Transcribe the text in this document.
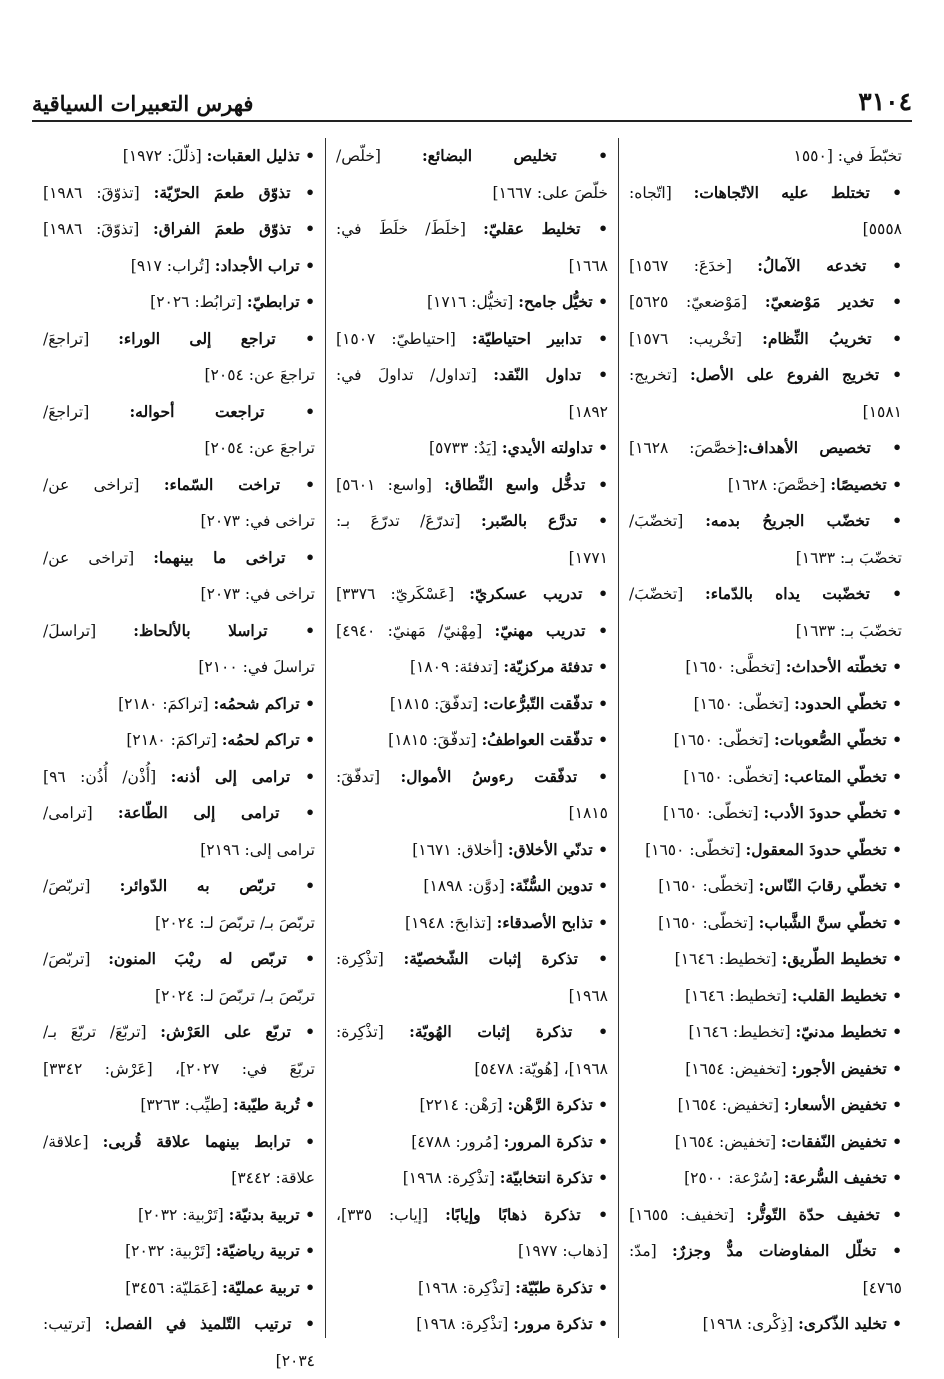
فهرس التعبيرات السياقية	٣١٠٤
تخبّطَ في: [١٥٥٠
• تختلط عليه الاتّجاهات: [اتّجاه:
٥٥٥٨]
• تخدعه الآمالُ: [خدَعَ: ١٥٦٧]
• تخدير مَوْضعيّ: [مَوْضعيّ: ٥٦٢٥]
• تخريبُ النِّظام: [تخْريب: ١٥٧٦]
• تخريج الفروع على الأصل: [تخريج:
١٥٨١]
• تخصيص الأهداف:[خصَّصَ: ١٦٢٨]
• تخصيصًا: [خصَّصَ: ١٦٢٨]
• تخضّب الجريحُ بدمه: [تخضّبَ/
تخضّبَ بـ: ١٦٣٣]
• تخضّبت يداه بالدّماء: [تخضّبَ/
تخضّبَ بـ: ١٦٣٣]
• تخطّته الأحداث: [تخطَّى: ١٦٥٠]
• تخطّي الحدود: [تخطّى: ١٦٥٠]
• تخطّي الصُّعوبات: [تخطّى: ١٦٥٠]
• تخطّي المتاعب: [تخطّى: ١٦٥٠]
• تخطّي حدودَ الأدب: [تخطّى: ١٦٥٠]
• تخطّي حدودَ المعقول: [تخطّى: ١٦٥٠]
• تخطّي رقابَ النّاس: [تخطّى: ١٦٥٠]
• تخطّي سنَّ الشَّباب: [تخطّى: ١٦٥٠]
• تخطيط الطّريق: [تخطيط: ١٦٤٦]
• تخطيط القلب: [تخطيط: ١٦٤٦]
• تخطيط مدنيّ: [تخطيط: ١٦٤٦]
• تخفيض الأجور: [تخفيض: ١٦٥٤]
• تخفيض الأسعار: [تخفيض: ١٦٥٤]
• تخفيض النّفقات: [تخفيض: ١٦٥٤]
• تخفيف السُّرعة: [سُرْعة: ٢٥٠٠]
• تخفيف حدّة التّوتُّر: [تخفيف: ١٦٥٥]
• تخلّل المفاوضات مدٌّ وجزرٌ: [مدّ:
٤٧٦٥]
• تخليد الذّكرى: [ذِكْرى: ١٩٦٨]
• تخليص البضائع: [خلّص/
خلّصَ على: ١٦٦٧]
• تخليط عقليّ: [خلَطَ/ خلَطَ في:
١٦٦٨]
• تخيُّل جامح: [تخيُّل: ١٧١٦]
• تدابير احتياطيّة: [احتياطيّ: ١٥٠٧]
• تداول النّقد: [تداول/ تداولَ في:
١٨٩٢]
• تداولته الأيدي: [يَدٌ: ٥٧٣٣]
• تدخُّل واسع النِّطاق: [واسع: ٥٦٠١]
• تدرَّع بالصّبر: [تدرّعَ/ تدرّعَ بـ:
١٧٧١]
• تدريب عسكريّ: [عَسْكَريّ: ٣٣٧٦]
• تدريب مهنيّ: [مِهْنيّ/ مَهنيّ: ٤٩٤٠]
• تدفئة مركزيّة: [تدفئة: ١٨٠٩]
• تدفّقت التّبرُّعات: [تدفّقَ: ١٨١٥]
• تدفّقت العواطفُ: [تدفّقَ: ١٨١٥]
• تدفّقت رءوسُ الأموال: [تدفّقَ:
١٨١٥]
• تدنّي الأخلاق: [أخلاق: ١٦٧١]
• تدوين السُّنّة: [دوَّن: ١٨٩٨]
• تذابح الأصدقاء: [تذابحَ: ١٩٤٨]
• تذكرة إثبات الشّخصيّة: [تذْكِرة:
١٩٦٨]
• تذكرة إثبات الهُويّة: [تذْكِرة:
١٩٦٨]، [هُويّة: ٥٤٧٨]
• تذكرة الرَّهْن: [رَهْن: ٢٢١٤]
• تذكرة المرور: [مُرور: ٤٧٨٨]
• تذكرة انتخابيّة: [تذْكِرة: ١٩٦٨]
• تذكرة ذهابًا وإيابًا: [إياب: ٣٣٥]،
[ذهاب: ١٩٧٧]
• تذكرة طبّيّة: [تذْكِرة: ١٩٦٨]
• تذكرة مرور: [تذْكِرة: ١٩٦٨]
• تذليل العقبات: [ذلّلَ: ١٩٧٢]
• تذوّق طعمَ الحرّيّة: [تذوّقَ: ١٩٨٦]
• تذوّق طعمَ الفراق: [تذوّقَ: ١٩٨٦]
• تراب الأجداد: [تُراب: ٩١٧]
• ترابطيّ: [ترابُط: ٢٠٢٦]
• تراجع إلى الوراء: [تراجعَ/
تراجعَ عن: ٢٠٥٤]
• تراجعت أحواله: [تراجعَ/
تراجعَ عن: ٢٠٥٤]
• تراخت السّماء: [تراخى عن/
تراخى في: ٢٠٧٣]
• تراخى ما بينهما: [تراخى عن/
تراخى في: ٢٠٧٣]
• تراسلا بالألحاظ: [تراسلَ/
تراسلَ في: ٢١٠٠]
• تراكم شحمُه: [تراكمَ: ٢١٨٠]
• تراكم لحمُه: [تراكمَ: ٢١٨٠]
• ترامى إلى أذنه: [أُذْن/ أُذُن: ٩٦]
• ترامى إلى الطّاعة: [ترامى/
ترامى إلى: ٢١٩٦]
• تربّص به الدّوائر: [تربّصَ/
تربّصَ بـ/ تربّصَ لـ: ٢٠٢٤]
• تربّص له ريْبَ المنون: [تربّصَ/
تربّصَ بـ/ تربّصَ لـ: ٢٠٢٤]
• تربّع على العَرْش: [تربّعَ/ تربّعَ بـ/
تربّعَ في: ٢٠٢٧]، [عَرْش: ٣٣٤٢]
• تُربة طيّبة: [طيِّب: ٣٢٦٣]
• ترابط بينهما علاقة قُربى: [علاقة/
علاقة: ٣٤٤٢]
• تربية بدنيّة: [تَرْبية: ٢٠٣٢]
• تربية رياضيّة: [تَرْبية: ٢٠٣٢]
• تربية عمليّة: [عَمَليّة: ٣٤٥٦]
• ترتيب التّلميذ في الفصل: [ترتيب:
٢٠٣٤]
